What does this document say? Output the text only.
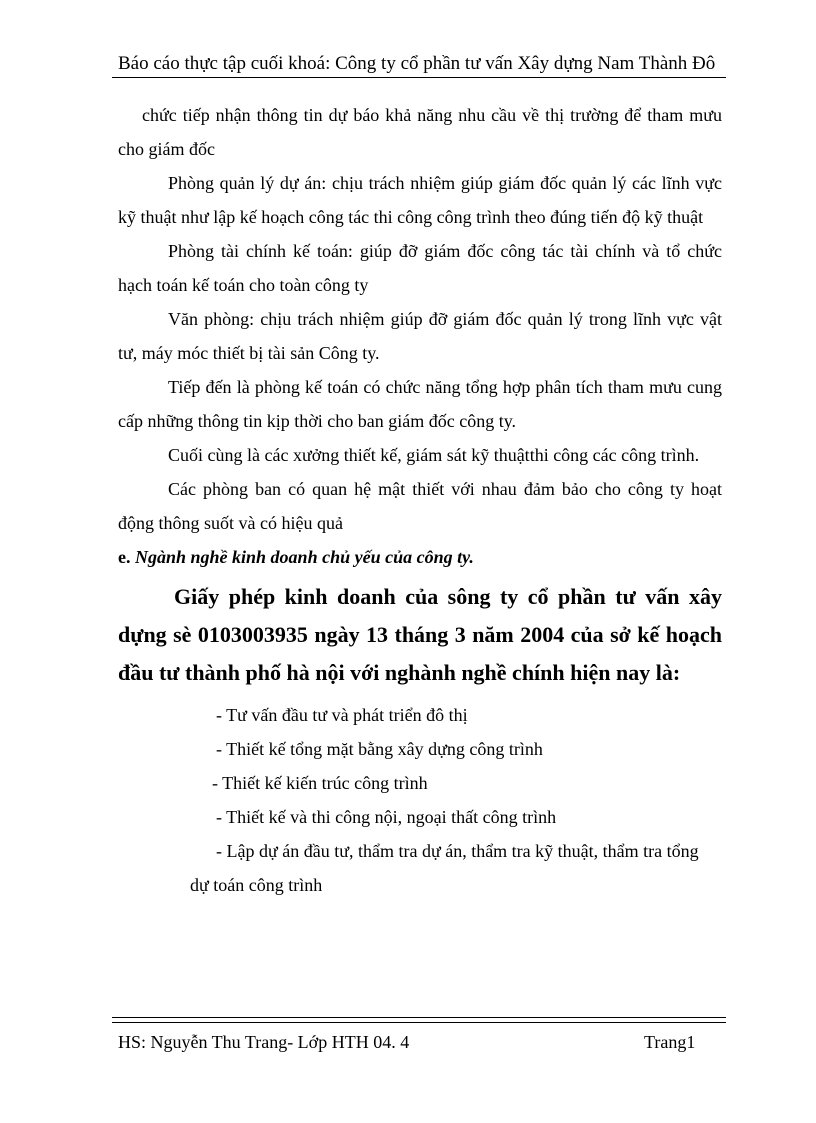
Báo cáo thực tập cuối khoá: Công ty cổ phần tư vấn Xây dựng Nam Thành Đô

chức tiếp nhận thông tin dự báo khả năng nhu cầu về thị trường để tham mưu cho giám đốc

Phòng quản lý dự án: chịu trách nhiệm giúp giám đốc quản lý các lĩnh vực kỹ thuật như lập kế hoạch công tác thi công công trình theo đúng tiến độ kỹ thuật

Phòng tài chính kế toán: giúp đỡ giám đốc công tác tài chính và tổ chức hạch toán kế toán cho toàn công ty

Văn phòng: chịu trách nhiệm giúp đỡ giám đốc quản lý trong lĩnh vực vật tư, máy móc thiết bị tài sản Công ty.

Tiếp đến là phòng kế toán có chức năng tổng hợp phân tích tham mưu cung cấp những thông tin kịp thời cho ban giám đốc công ty.

Cuối cùng là các xưởng thiết kế, giám sát kỹ thuậtthi công các công trình.

Các phòng ban có quan hệ mật thiết với nhau đảm bảo cho công ty hoạt động thông suốt và có hiệu quả

e. Ngành nghề kinh doanh chủ yếu của công ty.

Giấy phép kinh doanh của sông ty cổ phần tư vấn xây dựng sè 0103003935 ngày 13 tháng 3 năm 2004 của sở kế hoạch đầu tư thành phố hà nội với nghành nghề chính hiện nay là:

- Tư vấn đầu tư và phát triển đô thị
- Thiết kế tổng mặt bằng xây dựng công trình
- Thiết kế kiến trúc công trình
- Thiết kế và thi công nội, ngoại thất công trình
- Lập dự án đầu tư, thẩm tra dự án, thẩm tra kỹ thuật, thẩm tra tổng
dự toán công trình
HS: Nguyễn Thu Trang- Lớp HTH 04. 4	Trang1
